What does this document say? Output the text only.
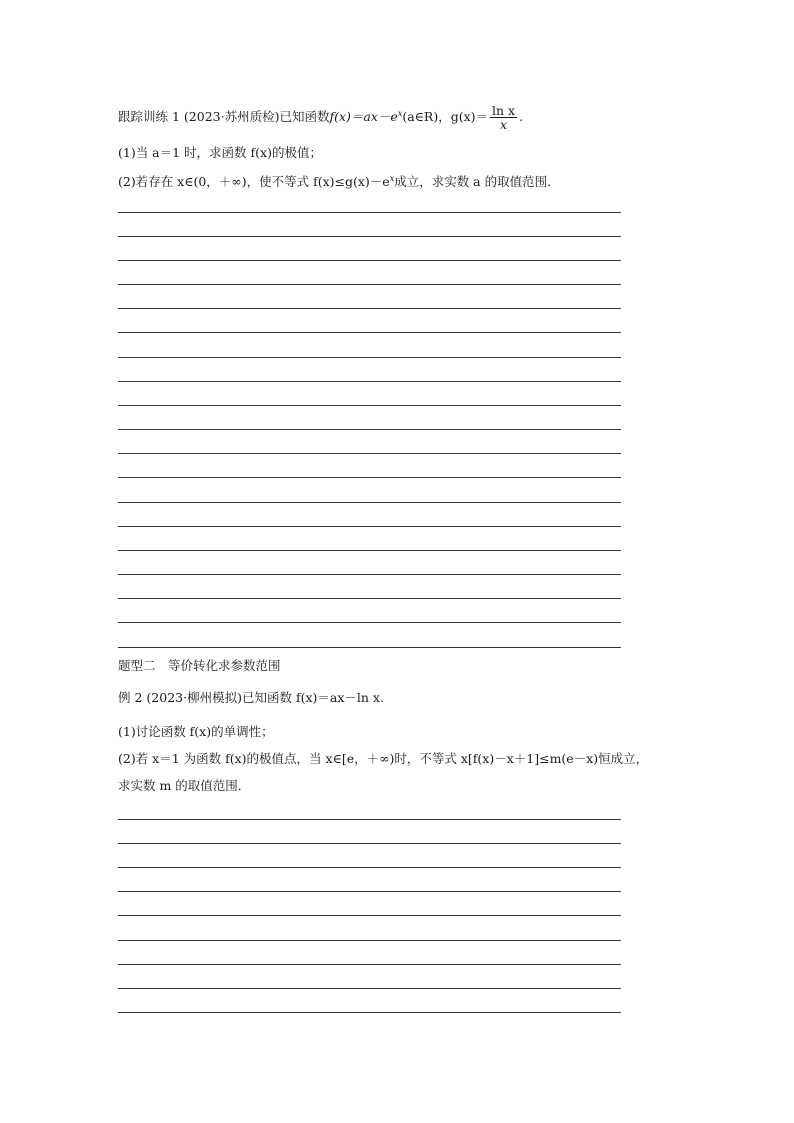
跟踪训练 1 (2023·苏州质检)已知函数$f(x)=ax-e^x(a\in R)$，$g(x)= \frac{\text{ln x}}{x}$ .
(1)当 a＝1 时，求函数 f(x)的极值；
(2)若存在 x∈(0，＋∞)，使不等式 $f(x)\le g(x)-e^x$成立，求实数 a 的取值范围．
题型二　等价转化求参数范围
例 2 (2023·柳州模拟)已知函数 f(x)＝ax－ln x.
(1)讨论函数 f(x)的单调性；
(2)若 x＝1 为函数 f(x)的极值点，当 x∈[e，＋∞)时，不等式 x[f(x)－x＋1]≤m(e－x)恒成立，
求实数 m 的取值范围．
